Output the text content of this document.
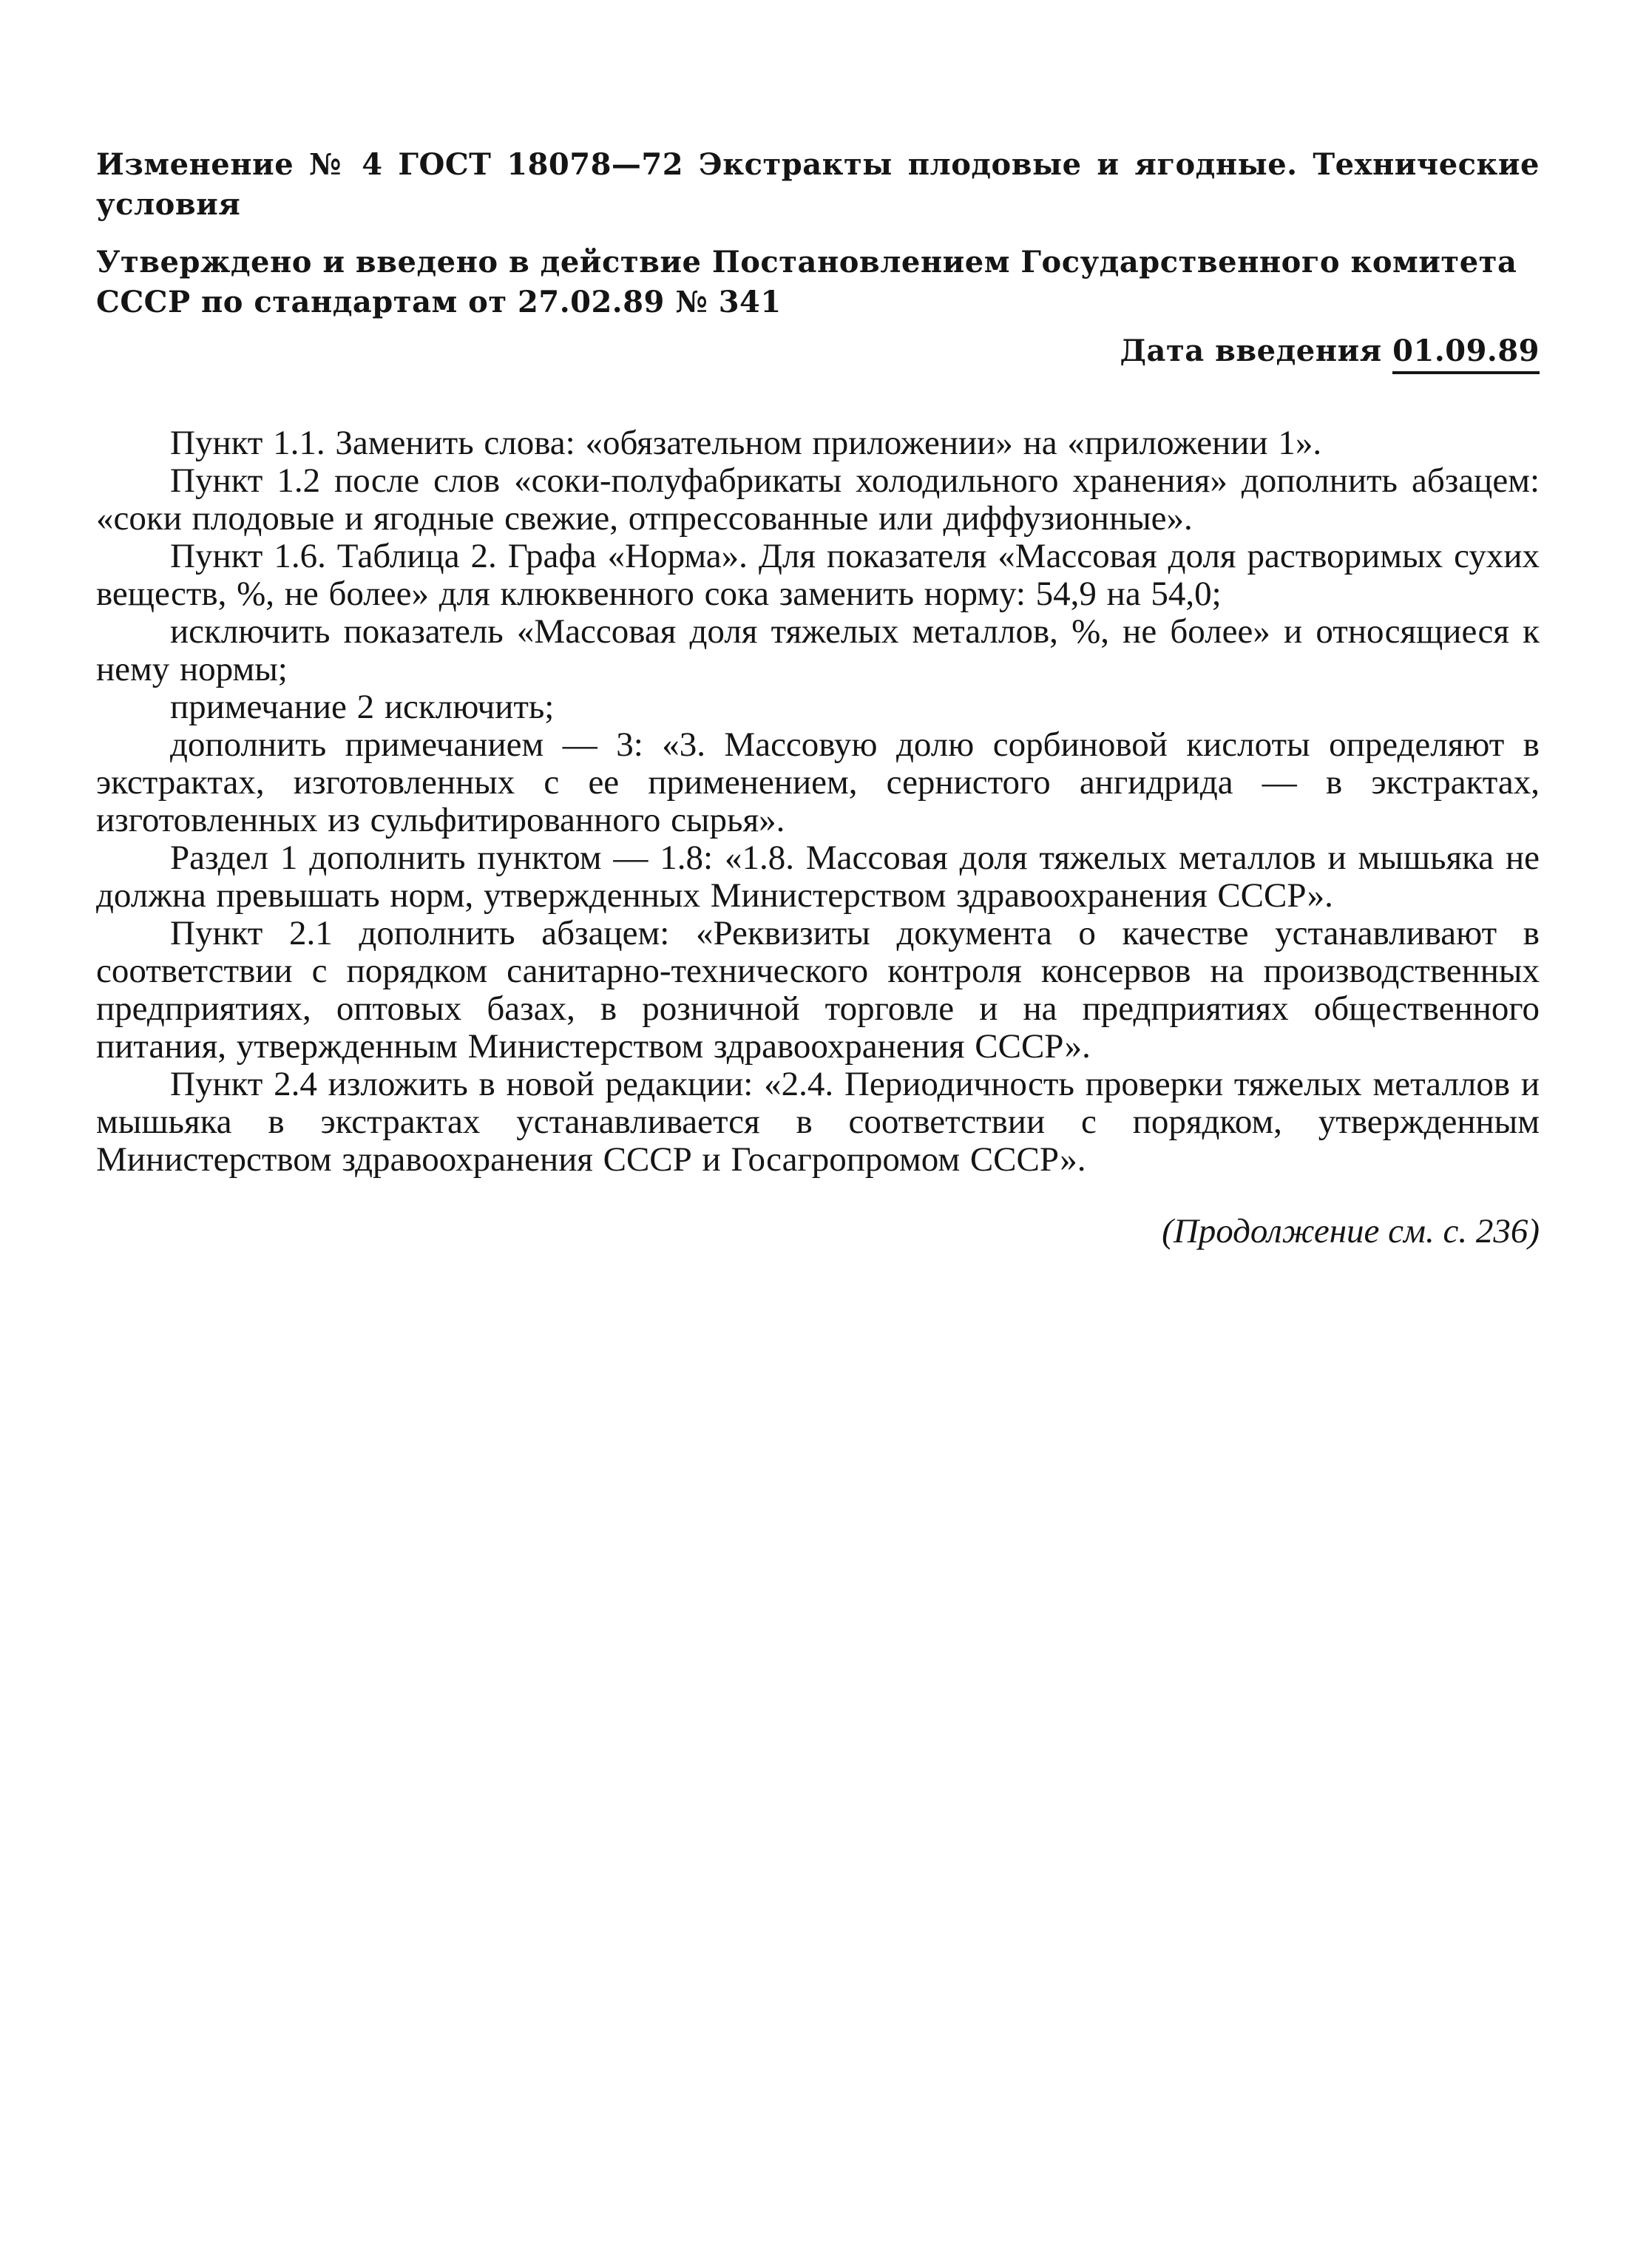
Изменение № 4 ГОСТ 18078—72 Экстракты плодовые и ягодные. Технические условия

Утверждено и введено в действие Постановлением Государственного комитета СССР по стандартам от 27.02.89 № 341

Дата введения 01.09.89

Пункт 1.1. Заменить слова: «обязательном приложении» на «приложении 1».

Пункт 1.2 после слов «соки-полуфабрикаты холодильного хранения» дополнить абзацем: «соки плодовые и ягодные свежие, отпрессованные или диффузионные».

Пункт 1.6. Таблица 2. Графа «Норма». Для показателя «Массовая доля растворимых сухих веществ, %, не более» для клюквенного сока заменить норму: 54,9 на 54,0;

исключить показатель «Массовая доля тяжелых металлов, %, не более» и относящиеся к нему нормы;

примечание 2 исключить;

дополнить примечанием — 3: «3. Массовую долю сорбиновой кислоты определяют в экстрактах, изготовленных с ее применением, сернистого ангидрида — в экстрактах, изготовленных из сульфитированного сырья».

Раздел 1 дополнить пунктом — 1.8: «1.8. Массовая доля тяжелых металлов и мышьяка не должна превышать норм, утвержденных Министерством здравоохранения СССР».

Пункт 2.1 дополнить абзацем: «Реквизиты документа о качестве устанавливают в соответствии с порядком санитарно-технического контроля консервов на производственных предприятиях, оптовых базах, в розничной торговле и на предприятиях общественного питания, утвержденным Министерством здравоохранения СССР».

Пункт 2.4 изложить в новой редакции: «2.4. Периодичность проверки тяжелых металлов и мышьяка в экстрактах устанавливается в соответствии с порядком, утвержденным Министерством здравоохранения СССР и Госагропромом СССР».

(Продолжение см. с. 236)
